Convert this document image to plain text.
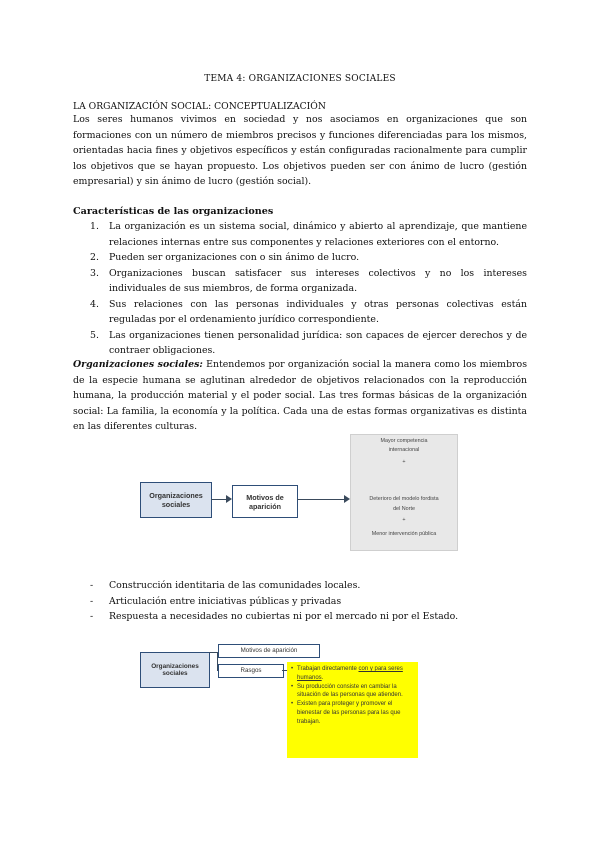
TEMA 4: ORGANIZACIONES SOCIALES
LA ORGANIZACIÓN SOCIAL: CONCEPTUALIZACIÓN

Los seres humanos vivimos en sociedad y nos asociamos en organizaciones que son formaciones con un número de miembros precisos y funciones diferenciadas para los mismos, orientadas hacia fines y objetivos específicos y están configuradas racionalmente para cumplir los objetivos que se hayan propuesto. Los objetivos pueden ser con ánimo de lucro (gestión empresarial) y sin ánimo de lucro (gestión social).

Características de las organizaciones
1. La organización es un sistema social, dinámico y abierto al aprendizaje, que mantiene relaciones internas entre sus componentes y relaciones exteriores con el entorno.
2. Pueden ser organizaciones con o sin ánimo de lucro.
3. Organizaciones buscan satisfacer sus intereses colectivos y no los intereses individuales de sus miembros, de forma organizada.
4. Sus relaciones con las personas individuales y otras personas colectivas están reguladas por el ordenamiento jurídico correspondiente.
5. Las organizaciones tienen personalidad jurídica: son capaces de ejercer derechos y de contraer obligaciones.

Organizaciones sociales: Entendemos por organización social la manera como los miembros de la especie humana se aglutinan alrededor de objetivos relacionados con la reproducción humana, la producción material y el poder social. Las tres formas básicas de la organización social: La familia, la economía y la política. Cada una de estas formas organizativas es distinta en las diferentes culturas.

Organizaciones sociales
Motivos de aparición
Mayor competencia
internacional
+
Deterioro del modelo fordista
del Norte
+
Menor intervención pública
- Construcción identitaria de las comunidades locales.
- Articulación entre iniciativas públicas y privadas
- Respuesta a necesidades no cubiertas ni por el mercado ni por el Estado.
Organizaciones sociales
Motivos de aparición
Rasgos	• Trabajan directamente con y para seres humanos.
• Su producción consiste en cambiar la situación de las personas que atienden.
• Existen para proteger y promover el bienestar de las personas para las que trabajan.
